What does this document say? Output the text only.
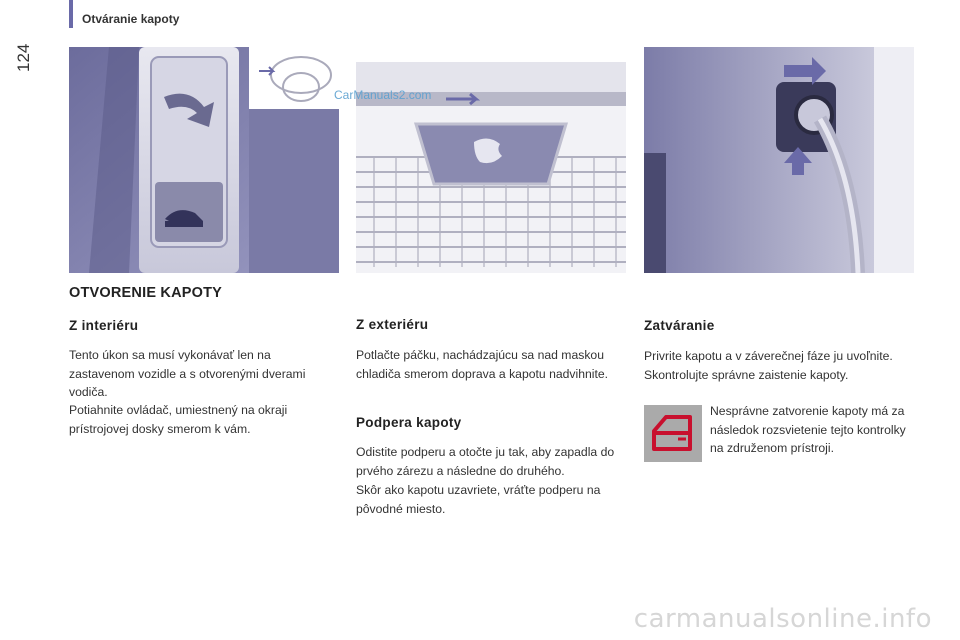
Otváranie kapoty
124
CarManuals2.com
OTVORENIE KAPOTY
Z interiéru
Tento úkon sa musí vykonávať len na zastavenom vozidle a s otvorenými dverami vodiča.
Potiahnite ovládač, umiestnený na okraji prístrojovej dosky smerom k vám.
Z exteriéru
Potlačte páčku, nachádzajúcu sa nad maskou chladiča smerom doprava a kapotu nadvihnite.
Podpera kapoty
Odistite podperu a otočte ju tak, aby zapadla do prvého zárezu a následne do druhého.
Skôr ako kapotu uzavriete, vráťte podperu na pôvodné miesto.
Zatváranie
Privrite kapotu a v záverečnej fáze ju uvoľnite. Skontrolujte správne zaistenie kapoty.
Nesprávne zatvorenie kapoty má za následok rozsvietenie tejto kontrolky na združenom prístroji.
carmanualsonline.info
